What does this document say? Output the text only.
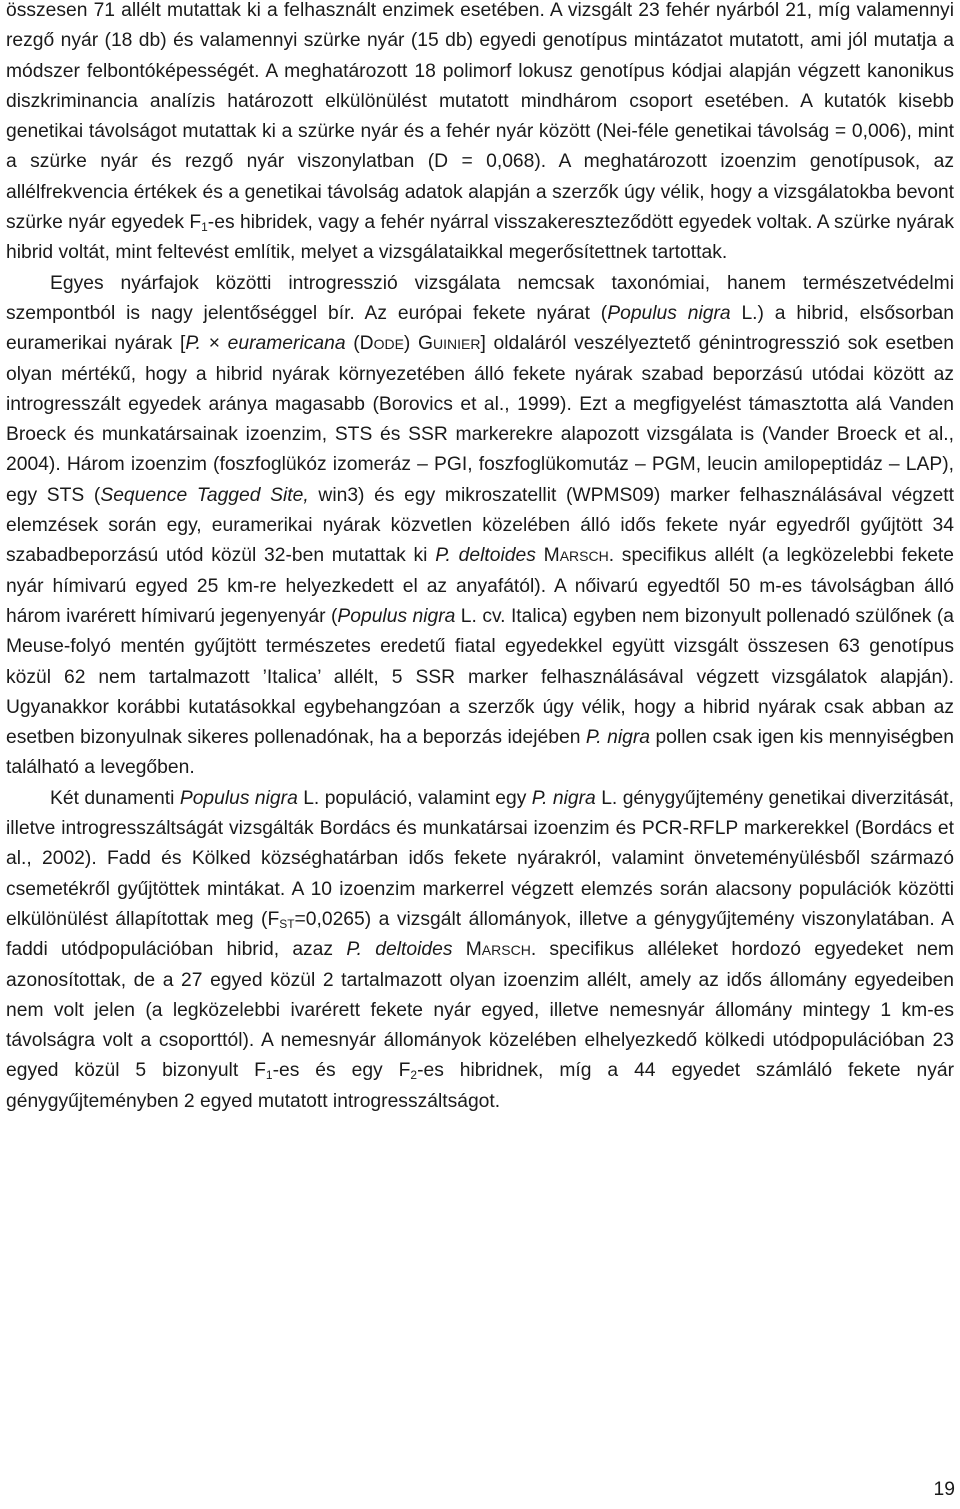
összesen 71 allélt mutattak ki a felhasznált enzimek esetében. A vizsgált 23 fehér nyárból 21, míg valamennyi rezgő nyár (18 db) és valamennyi szürke nyár (15 db) egyedi genotípus mintázatot mutatott, ami jól mutatja a módszer felbontóképességét. A meghatározott 18 polimorf lokusz genotípus kódjai alapján végzett kanonikus diszkriminancia analízis határozott elkülönülést mutatott mindhárom csoport esetében. A kutatók kisebb genetikai távolságot mutattak ki a szürke nyár és a fehér nyár között (Nei-féle genetikai távolság = 0,006), mint a szürke nyár és rezgő nyár viszonylatban (D = 0,068). A meghatározott izoenzim genotípusok, az allélfrekvencia értékek és a genetikai távolság adatok alapján a szerzők úgy vélik, hogy a vizsgálatokba bevont szürke nyár egyedek $F_1-es$ hibridek, vagy a fehér nyárral visszakereszteződött egyedek voltak. A szürke nyárak hibrid voltát, mint feltevést említik, melyet a vizsgálataikkal megerősítettnek tartottak.

Egyes nyárfajok közötti introgresszió vizsgálata nemcsak taxonómiai, hanem természetvédelmi szempontból is nagy jelentőséggel bír. Az európai fekete nyárat (Populus nigra L.) a hibrid, elsősorban euramerikai nyárak [P. × euramericana (Dode) Guinier] oldaláról veszélyeztető génintrogresszió sok esetben olyan mértékű, hogy a hibrid nyárak környezetében álló fekete nyárak szabad beporzású utódai között az introgresszált egyedek aránya magasabb (Borovics et al., 1999). Ezt a megfigyelést támasztotta alá Vanden Broeck és munkatársainak izoenzim, STS és SSR markerekre alapozott vizsgálata is (Vander Broeck et al., 2004). Három izoenzim (foszfoglükóz izomeráz – PGI, foszfoglükomutáz – PGM, leucin amilopeptidáz – LAP), egy STS (Sequence Tagged Site, win3) és egy mikroszatellit (WPMS09) marker felhasználásával végzett elemzések során egy, euramerikai nyárak közvetlen közelében álló idős fekete nyár egyedről gyűjtött 34 szabadbeporzású utód közül 32-ben mutattak ki P. deltoides Marsch. specifikus allélt (a legközelebbi fekete nyár hímivarú egyed 25 km-re helyezkedett el az anyafától). A nőivarú egyedtől 50 m-es távolságban álló három ivarérett hímivarú jegenyenyár (Populus nigra L. cv. Italica) egyben nem bizonyult pollenadó szülőnek (a Meuse-folyó mentén gyűjtött természetes eredetű fiatal egyedekkel együtt vizsgált összesen 63 genotípus közül 62 nem tartalmazott ’Italica’ allélt, 5 SSR marker felhasználásával végzett vizsgálatok alapján). Ugyanakkor korábbi kutatásokkal egybehangzóan a szerzők úgy vélik, hogy a hibrid nyárak csak abban az esetben bizonyulnak sikeres pollenadónak, ha a beporzás idejében P. nigra pollen csak igen kis mennyiségben található a levegőben.

Két dunamenti Populus nigra L. populáció, valamint egy P. nigra L. génygyűjtemény genetikai diverzitását, illetve introgresszáltságát vizsgálták Bordács és munkatársai izoenzim és PCR-RFLP markerekkel (Bordács et al., 2002). Fadd és Kölked községhatárban idős fekete nyárakról, valamint önveteményülésből származó csemetékről gyűjtöttek mintákat. A 10 izoenzim markerrel végzett elemzés során alacsony populációk közötti elkülönülést állapítottak meg $(F_{ST}=0,0265)$ a vizsgált állományok, illetve a génygyűjtemény viszonylatában. A faddi utódpopulációban hibrid, azaz P. deltoides Marsch. specifikus alléleket hordozó egyedeket nem azonosítottak, de a 27 egyed közül 2 tartalmazott olyan izoenzim allélt, amely az idős állomány egyedeiben nem volt jelen (a legközelebbi ivarérett fekete nyár egyed, illetve nemesnyár állomány mintegy 1 km-es távolságra volt a csoporttól). A nemesnyár állományok közelében elhelyezkedő kölkedi utódpopulációban 23 egyed közül 5 bizonyult $F_1-es$ és egy $F_2-es$ hibridnek, míg a 44 egyedet számláló fekete nyár génygyűjteményben 2 egyed mutatott introgresszáltságot.

19
